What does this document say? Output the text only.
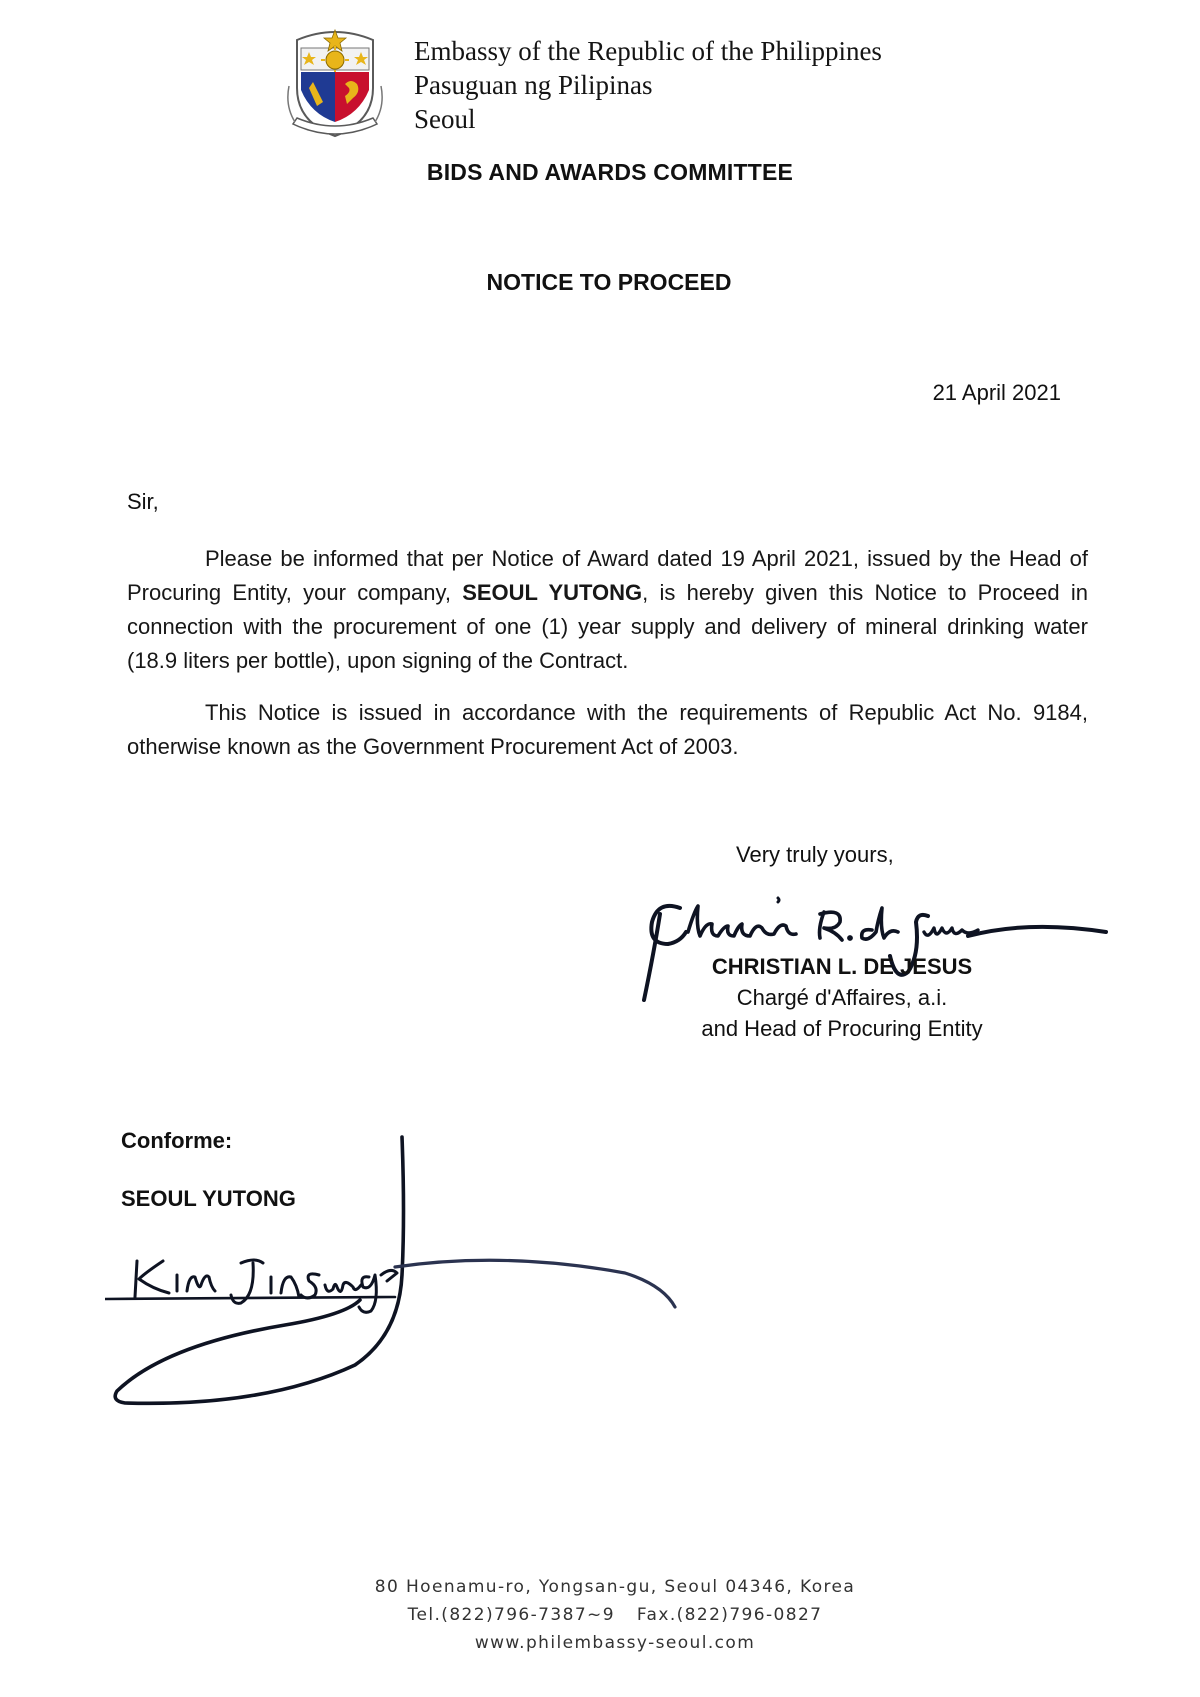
Embassy of the Republic of the Philippines
Pasuguan ng Pilipinas
Seoul
BIDS AND AWARDS COMMITTEE
NOTICE TO PROCEED
21 April 2021
Sir,
Please be informed that per Notice of Award dated 19 April 2021, issued by the Head of Procuring Entity, your company, SEOUL YUTONG, is hereby given this Notice to Proceed in connection with the procurement of one (1) year supply and delivery of mineral drinking water (18.9 liters per bottle), upon signing of the Contract.
This Notice is issued in accordance with the requirements of Republic Act No. 9184, otherwise known as the Government Procurement Act of 2003.
Very truly yours,
CHRISTIAN L. DE JESUS
Chargé d'Affaires, a.i.
and Head of Procuring Entity
Conforme:
SEOUL YUTONG
80 Hoenamu-ro, Yongsan-gu, Seoul 04346, Korea
Tel.(822)796-7387~9 Fax.(822)796-0827
www.philembassy-seoul.com
